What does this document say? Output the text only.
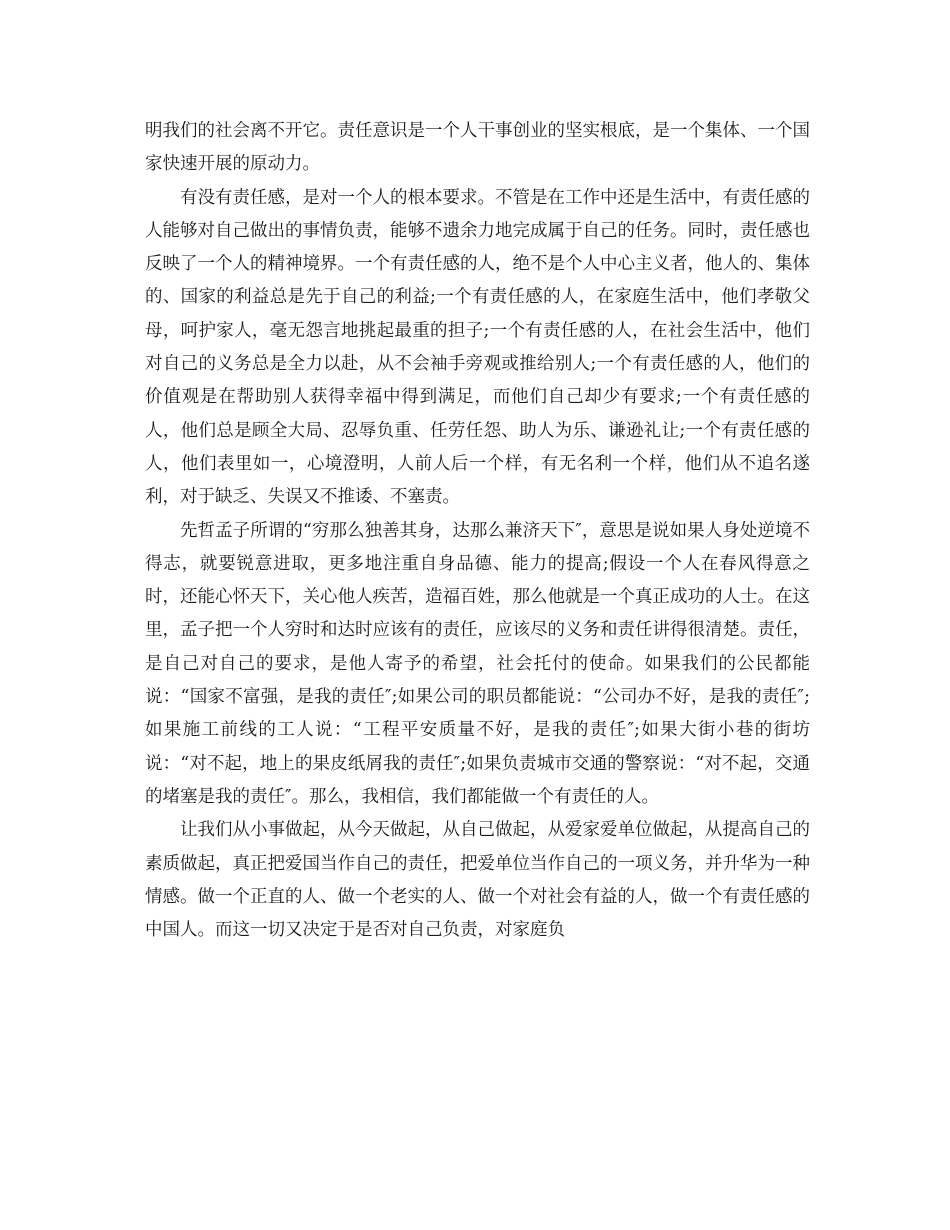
明我们的社会离不开它。责任意识是一个人干事创业的坚实根底，是一个集体、一个国家快速开展的原动力。

有没有责任感，是对一个人的根本要求。不管是在工作中还是生活中，有责任感的人能够对自己做出的事情负责，能够不遗余力地完成属于自己的任务。同时，责任感也反映了一个人的精神境界。一个有责任感的人，绝不是个人中心主义者，他人的、集体的、国家的利益总是先于自己的利益;一个有责任感的人，在家庭生活中，他们孝敬父母，呵护家人，毫无怨言地挑起最重的担子;一个有责任感的人，在社会生活中，他们对自己的义务总是全力以赴，从不会袖手旁观或推给别人;一个有责任感的人，他们的价值观是在帮助别人获得幸福中得到满足，而他们自己却少有要求;一个有责任感的人，他们总是顾全大局、忍辱负重、任劳任怨、助人为乐、谦逊礼让;一个有责任感的人，他们表里如一，心境澄明，人前人后一个样，有无名利一个样，他们从不追名遂利，对于缺乏、失误又不推诿、不塞责。

先哲孟子所谓的“穷那么独善其身，达那么兼济天下″，意思是说如果人身处逆境不得志，就要锐意进取，更多地注重自身品德、能力的提高;假设一个人在春风得意之时，还能心怀天下，关心他人疾苦，造福百姓，那么他就是一个真正成功的人士。在这里，孟子把一个人穷时和达时应该有的责任，应该尽的义务和责任讲得很清楚。责任，是自己对自己的要求，是他人寄予的希望，社会托付的使命。如果我们的公民都能说：“国家不富强，是我的责任″;如果公司的职员都能说：“公司办不好，是我的责任″;如果施工前线的工人说：“工程平安质量不好，是我的责任″;如果大街小巷的街坊说：“对不起，地上的果皮纸屑我的责任″;如果负责城市交通的警察说：“对不起，交通的堵塞是我的责任″。那么，我相信，我们都能做一个有责任的人。

让我们从小事做起，从今天做起，从自己做起，从爱家爱单位做起，从提高自己的素质做起，真正把爱国当作自己的责任，把爱单位当作自己的一项义务，并升华为一种情感。做一个正直的人、做一个老实的人、做一个对社会有益的人，做一个有责任感的中国人。而这一切又决定于是否对自己负责，对家庭负
